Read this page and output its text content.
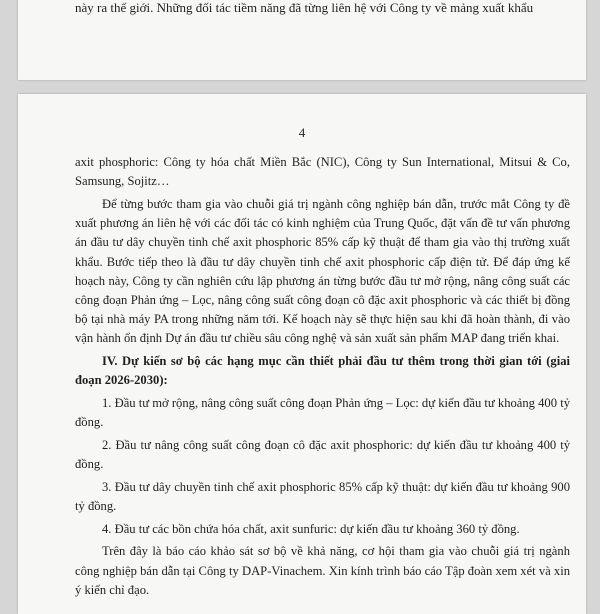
này ra thế giới. Những đối tác tiềm năng đã từng liên hệ với Công ty về mảng xuất khẩu
4

axit phosphoric: Công ty hóa chất Miền Bắc (NIC), Công ty Sun International, Mitsui & Co, Samsung, Sojitz…

Để từng bước tham gia vào chuỗi giá trị ngành công nghiệp bán dẫn, trước mắt Công ty đề xuất phương án liên hệ với các đối tác có kinh nghiệm của Trung Quốc, đặt vấn đề tư vấn phương án đầu tư dây chuyền tinh chế axit phosphoric 85% cấp kỹ thuật để tham gia vào thị trường xuất khẩu. Bước tiếp theo là đầu tư dây chuyền tinh chế axit phosphoric cấp điện tử. Để đáp ứng kế hoạch này, Công ty cần nghiên cứu lập phương án từng bước đầu tư mở rộng, nâng công suất các công đoạn Phản ứng – Lọc, nâng công suất công đoạn cô đặc axit phosphoric và các thiết bị đồng bộ tại nhà máy PA trong những năm tới. Kế hoạch này sẽ thực hiện sau khi đã hoàn thành, đi vào vận hành ổn định Dự án đầu tư chiều sâu công nghệ và sản xuất sản phẩm MAP đang triển khai.

IV. Dự kiến sơ bộ các hạng mục cần thiết phải đầu tư thêm trong thời gian tới (giai đoạn 2026-2030):

1. Đầu tư mở rộng, nâng công suất công đoạn Phản ứng – Lọc: dự kiến đầu tư khoảng 400 tỷ đồng.

2. Đầu tư nâng công suất công đoạn cô đặc axit phosphoric: dự kiến đầu tư khoảng 400 tỷ đồng.

3. Đầu tư dây chuyền tinh chế axit phosphoric 85% cấp kỹ thuật: dự kiến đầu tư khoảng 900 tỷ đồng.

4. Đầu tư các bồn chứa hóa chất, axit sunfuric: dự kiến đầu tư khoảng 360 tỷ đồng.

Trên đây là báo cáo khảo sát sơ bộ về khả năng, cơ hội tham gia vào chuỗi giá trị ngành công nghiệp bán dẫn tại Công ty DAP-Vinachem. Xin kính trình báo cáo Tập đoàn xem xét và xin ý kiến chỉ đạo.
